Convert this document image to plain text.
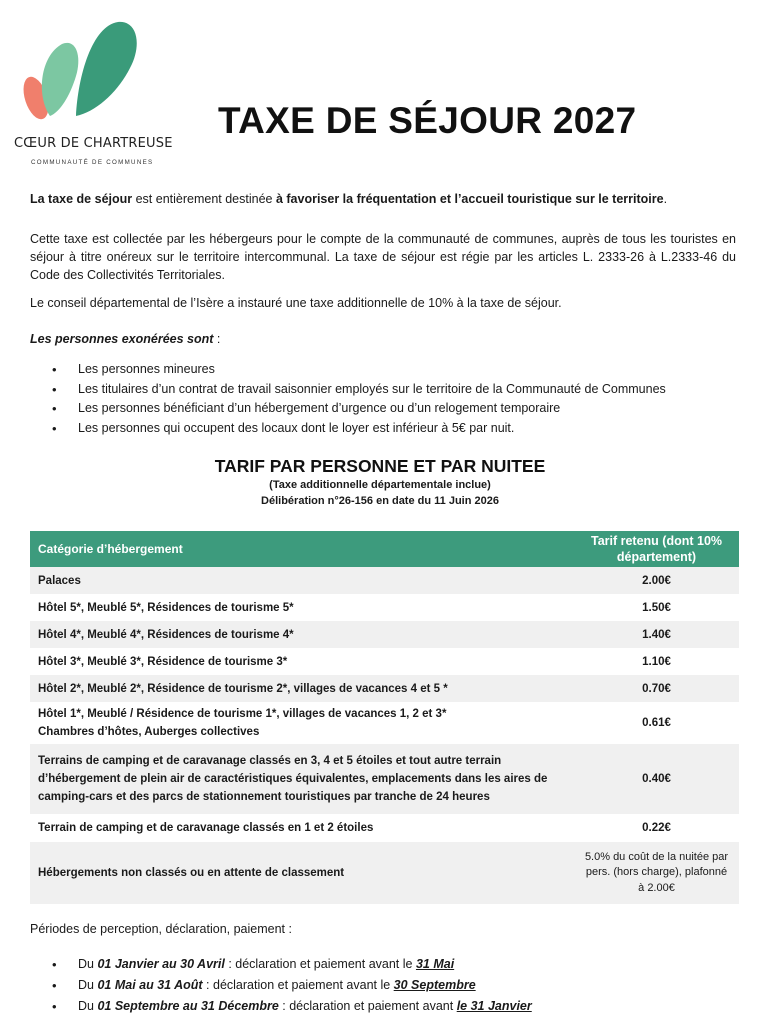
CŒUR DE CHARTREUSE
COMMUNAUTÉ DE COMMUNES
TAXE DE SÉJOUR 2027

La taxe de séjour est entièrement destinée à favoriser la fréquentation et l’accueil touristique sur le territoire.

Cette taxe est collectée par les hébergeurs pour le compte de la communauté de communes, auprès de tous les touristes en séjour à titre onéreux sur le territoire intercommunal. La taxe de séjour est régie par les articles L. 2333-26 à L.2333-46 du Code des Collectivités Territoriales.

Le conseil départemental de l’Isère a instauré une taxe additionnelle de 10% à la taxe de séjour.

Les personnes exonérées sont :

• Les personnes mineures
• Les titulaires d’un contrat de travail saisonnier employés sur le territoire de la Communauté de Communes
• Les personnes bénéficiant d’un hébergement d’urgence ou d’un relogement temporaire
• Les personnes qui occupent des locaux dont le loyer est inférieur à 5€ par nuit.
TARIF PAR PERSONNE ET PAR NUITEE
(Taxe additionnelle départementale inclue)
Délibération n°26-156 en date du 11 Juin 2026
Catégorie d’hébergement	Tarif retenu (dont 10% département)
Palaces	2.00€
Hôtel 5*, Meublé 5*, Résidences de tourisme 5*	1.50€
Hôtel 4*, Meublé 4*, Résidences de tourisme 4*	1.40€
Hôtel 3*, Meublé 3*, Résidence de tourisme 3*	1.10€
Hôtel 2*, Meublé 2*, Résidence de tourisme 2*, villages de vacances 4 et 5 *	0.70€

Hôtel 1*, Meublé / Résidence de tourisme 1*, villages de vacances 1, 2 et 3*
Chambres d’hôtes, Auberges collectives	0.61€
Terrains de camping et de caravanage classés en 3, 4 et 5 étoiles et tout autre terrain d’hébergement de plein air de caractéristiques équivalentes, emplacements dans les aires de camping-cars et des parcs de stationnement touristiques par tranche de 24 heures	0.40€
Terrain de camping et de caravanage classés en 1 et 2 étoiles	0.22€
Hébergements non classés ou en attente de classement	5.0% du coût de la nuitée par pers. (hors charge), plafonné à 2.00€
Périodes de perception, déclaration, paiement :
• Du 01 Janvier au 30 Avril : déclaration et paiement avant le 31 Mai
• Du 01 Mai au 31 Août : déclaration et paiement avant le 30 Septembre
• Du 01 Septembre au 31 Décembre : déclaration et paiement avant le 31 Janvier
